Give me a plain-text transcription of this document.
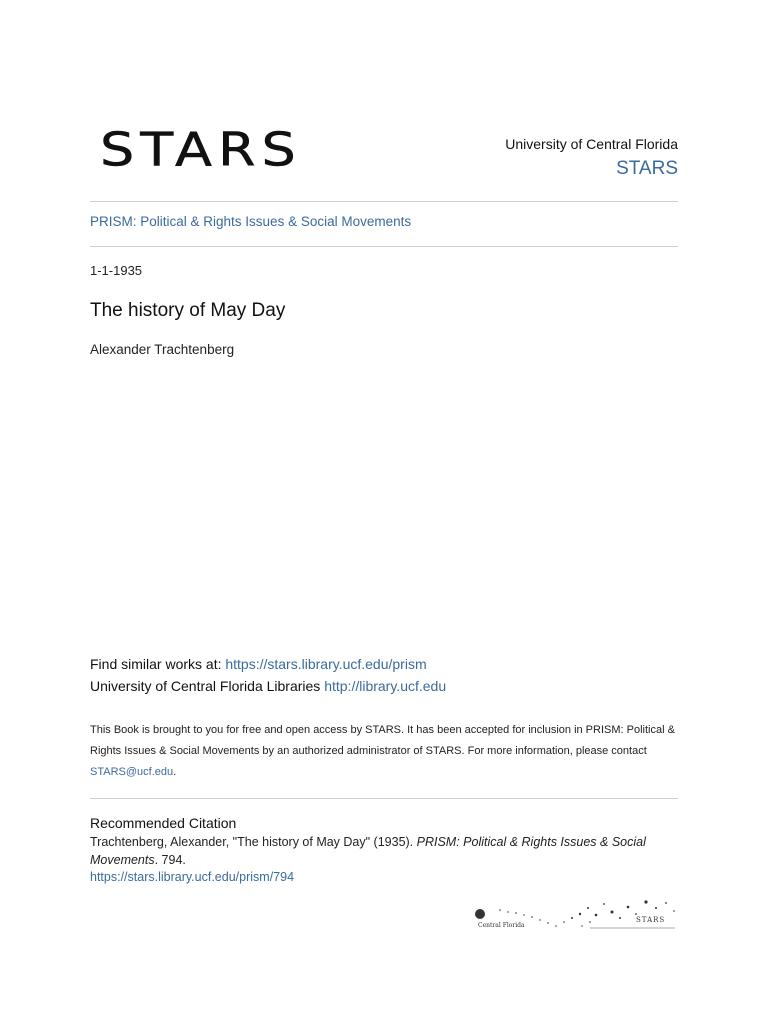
STARS	University of Central Florida
STARS
PRISM: Political & Rights Issues & Social Movements
1-1-1935
The history of May Day
Alexander Trachtenberg
Find similar works at: https://stars.library.ucf.edu/prism
University of Central Florida Libraries http://library.ucf.edu
This Book is brought to you for free and open access by STARS. It has been accepted for inclusion in PRISM: Political & Rights Issues & Social Movements by an authorized administrator of STARS. For more information, please contact
STARS@ucf.edu.
Recommended Citation
Trachtenberg, Alexander, "The history of May Day" (1935). PRISM: Political & Rights Issues & Social Movements. 794.
https://stars.library.ucf.edu/prism/794
Central Florida
STARS
